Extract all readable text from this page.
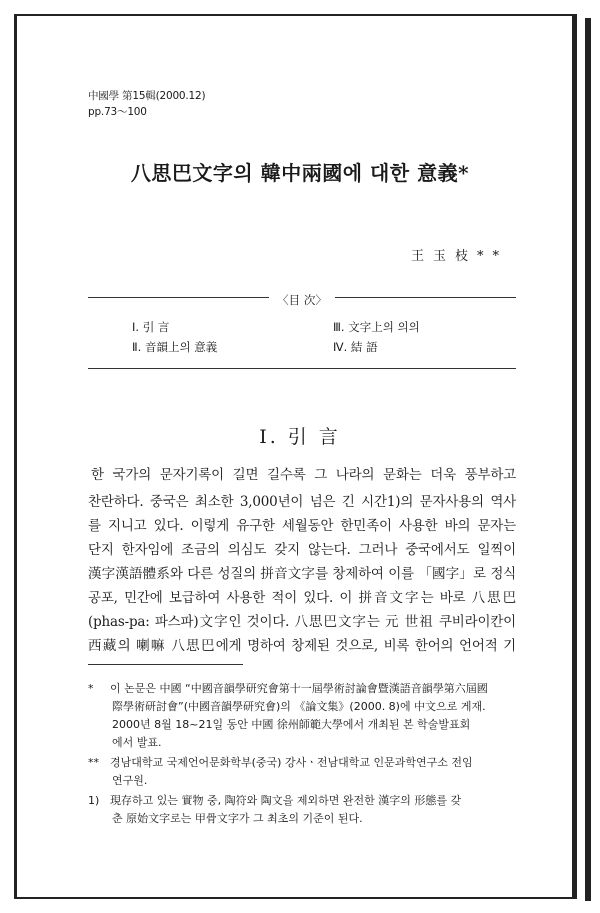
中國學 第15輯(2000.12)
pp.73～100
八思巴文字의 韓中兩國에 대한 意義*
王玉枝**
〈目 次〉
Ⅰ. 引 言
Ⅱ. 音韻上의 意義
Ⅲ. 文字上의 의의
Ⅳ. 結 語
Ⅰ. 引 言
한 국가의 문자기록이 길면 길수록 그 나라의 문화는 더욱 풍부하고
찬란하다. 중국은 최소한 3,000년이 넘은 긴 시간1)의 문자사용의 역사
를 지니고 있다. 이렇게 유구한 세월동안 한민족이 사용한 바의 문자는
단지 한자임에 조금의 의심도 갖지 않는다. 그러나 중국에서도 일찍이
漢字漢語體系와 다른 성질의 拼音文字를 창제하여 이를 「國字」로 정식
공포, 민간에 보급하여 사용한 적이 있다. 이 拼音文字는 바로 八思巴
(phas-pa: 파스파)文字인 것이다. 八思巴文字는 元 世祖 쿠비라이칸이
西藏의 喇嘛 八思巴에게 명하여 창제된 것으로, 비록 한어의 언어적 기
* 이 논문은 中國 “中國音韻學研究會第十一屆學術討論會暨漢語音韻學第六屆國
際學術研討會”(中國音韻學研究會)의 《論文集》(2000. 8)에 中文으로 게재.
2000년 8월 18~21일 동안 中國 徐州師範大學에서 개최된 본 학술발표회
에서 발표.
** 경남대학교 국제언어문화학부(중국) 강사ㆍ전남대학교 인문과학연구소 전임
연구원.
1) 現存하고 있는 實物 중, 陶符와 陶文을 제외하면 완전한 漢字의 形態를 갖
춘 原始文字로는 甲骨文字가 그 최초의 기준이 된다.
